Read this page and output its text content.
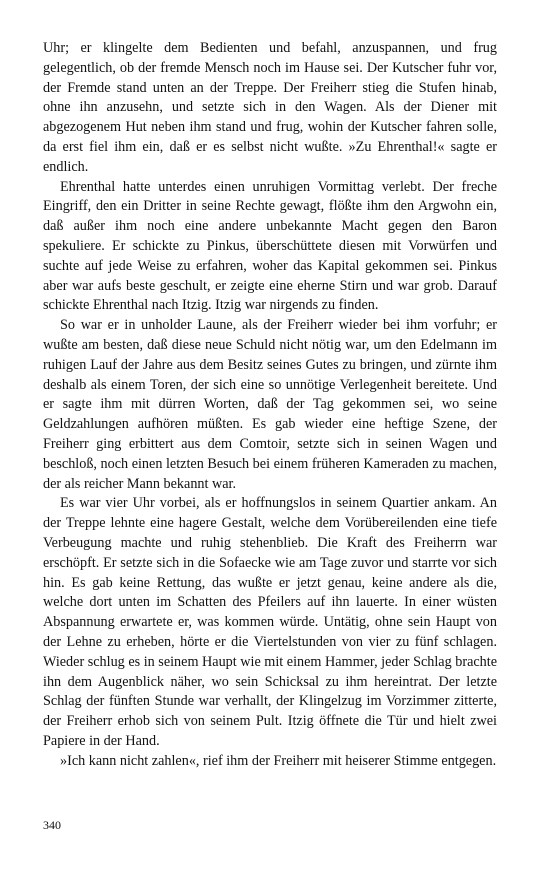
Uhr; er klingelte dem Bedienten und befahl, anzuspannen, und frug gelegentlich, ob der fremde Mensch noch im Hause sei. Der Kutscher fuhr vor, der Fremde stand unten an der Treppe. Der Freiherr stieg die Stufen hinab, ohne ihn anzusehn, und setzte sich in den Wagen. Als der Diener mit abgezogenem Hut neben ihm stand und frug, wohin der Kutscher fahren solle, da erst fiel ihm ein, daß er es selbst nicht wußte. »Zu Ehrenthal!« sagte er endlich.

Ehrenthal hatte unterdes einen unruhigen Vormittag verlebt. Der freche Eingriff, den ein Dritter in seine Rechte gewagt, flößte ihm den Argwohn ein, daß außer ihm noch eine andere unbekannte Macht gegen den Baron spekuliere. Er schickte zu Pinkus, überschüttete diesen mit Vorwürfen und suchte auf jede Weise zu erfahren, woher das Kapital gekommen sei. Pinkus aber war aufs beste geschult, er zeigte eine eherne Stirn und war grob. Darauf schickte Ehrenthal nach Itzig. Itzig war nirgends zu finden.

So war er in unholder Laune, als der Freiherr wieder bei ihm vorfuhr; er wußte am besten, daß diese neue Schuld nicht nötig war, um den Edelmann im ruhigen Lauf der Jahre aus dem Besitz seines Gutes zu bringen, und zürnte ihm deshalb als einem Toren, der sich eine so unnötige Verlegenheit bereitete. Und er sagte ihm mit dürren Worten, daß der Tag gekommen sei, wo seine Geldzahlungen aufhören müßten. Es gab wieder eine heftige Szene, der Freiherr ging erbittert aus dem Comtoir, setzte sich in seinen Wagen und beschloß, noch einen letzten Besuch bei einem früheren Kameraden zu machen, der als reicher Mann bekannt war.

Es war vier Uhr vorbei, als er hoffnungslos in seinem Quartier ankam. An der Treppe lehnte eine hagere Gestalt, welche dem Vorübereilenden eine tiefe Verbeugung machte und ruhig stehenblieb. Die Kraft des Freiherrn war erschöpft. Er setzte sich in die Sofaecke wie am Tage zuvor und starrte vor sich hin. Es gab keine Rettung, das wußte er jetzt genau, keine andere als die, welche dort unten im Schatten des Pfeilers auf ihn lauerte. In einer wüsten Abspannung erwartete er, was kommen würde. Untätig, ohne sein Haupt von der Lehne zu erheben, hörte er die Viertelstunden von vier zu fünf schlagen. Wieder schlug es in seinem Haupt wie mit einem Hammer, jeder Schlag brachte ihn dem Augenblick näher, wo sein Schicksal zu ihm hereintrat. Der letzte Schlag der fünften Stunde war verhallt, der Klingelzug im Vorzimmer zitterte, der Freiherr erhob sich von seinem Pult. Itzig öffnete die Tür und hielt zwei Papiere in der Hand.

»Ich kann nicht zahlen«, rief ihm der Freiherr mit heiserer Stimme entgegen.

340
